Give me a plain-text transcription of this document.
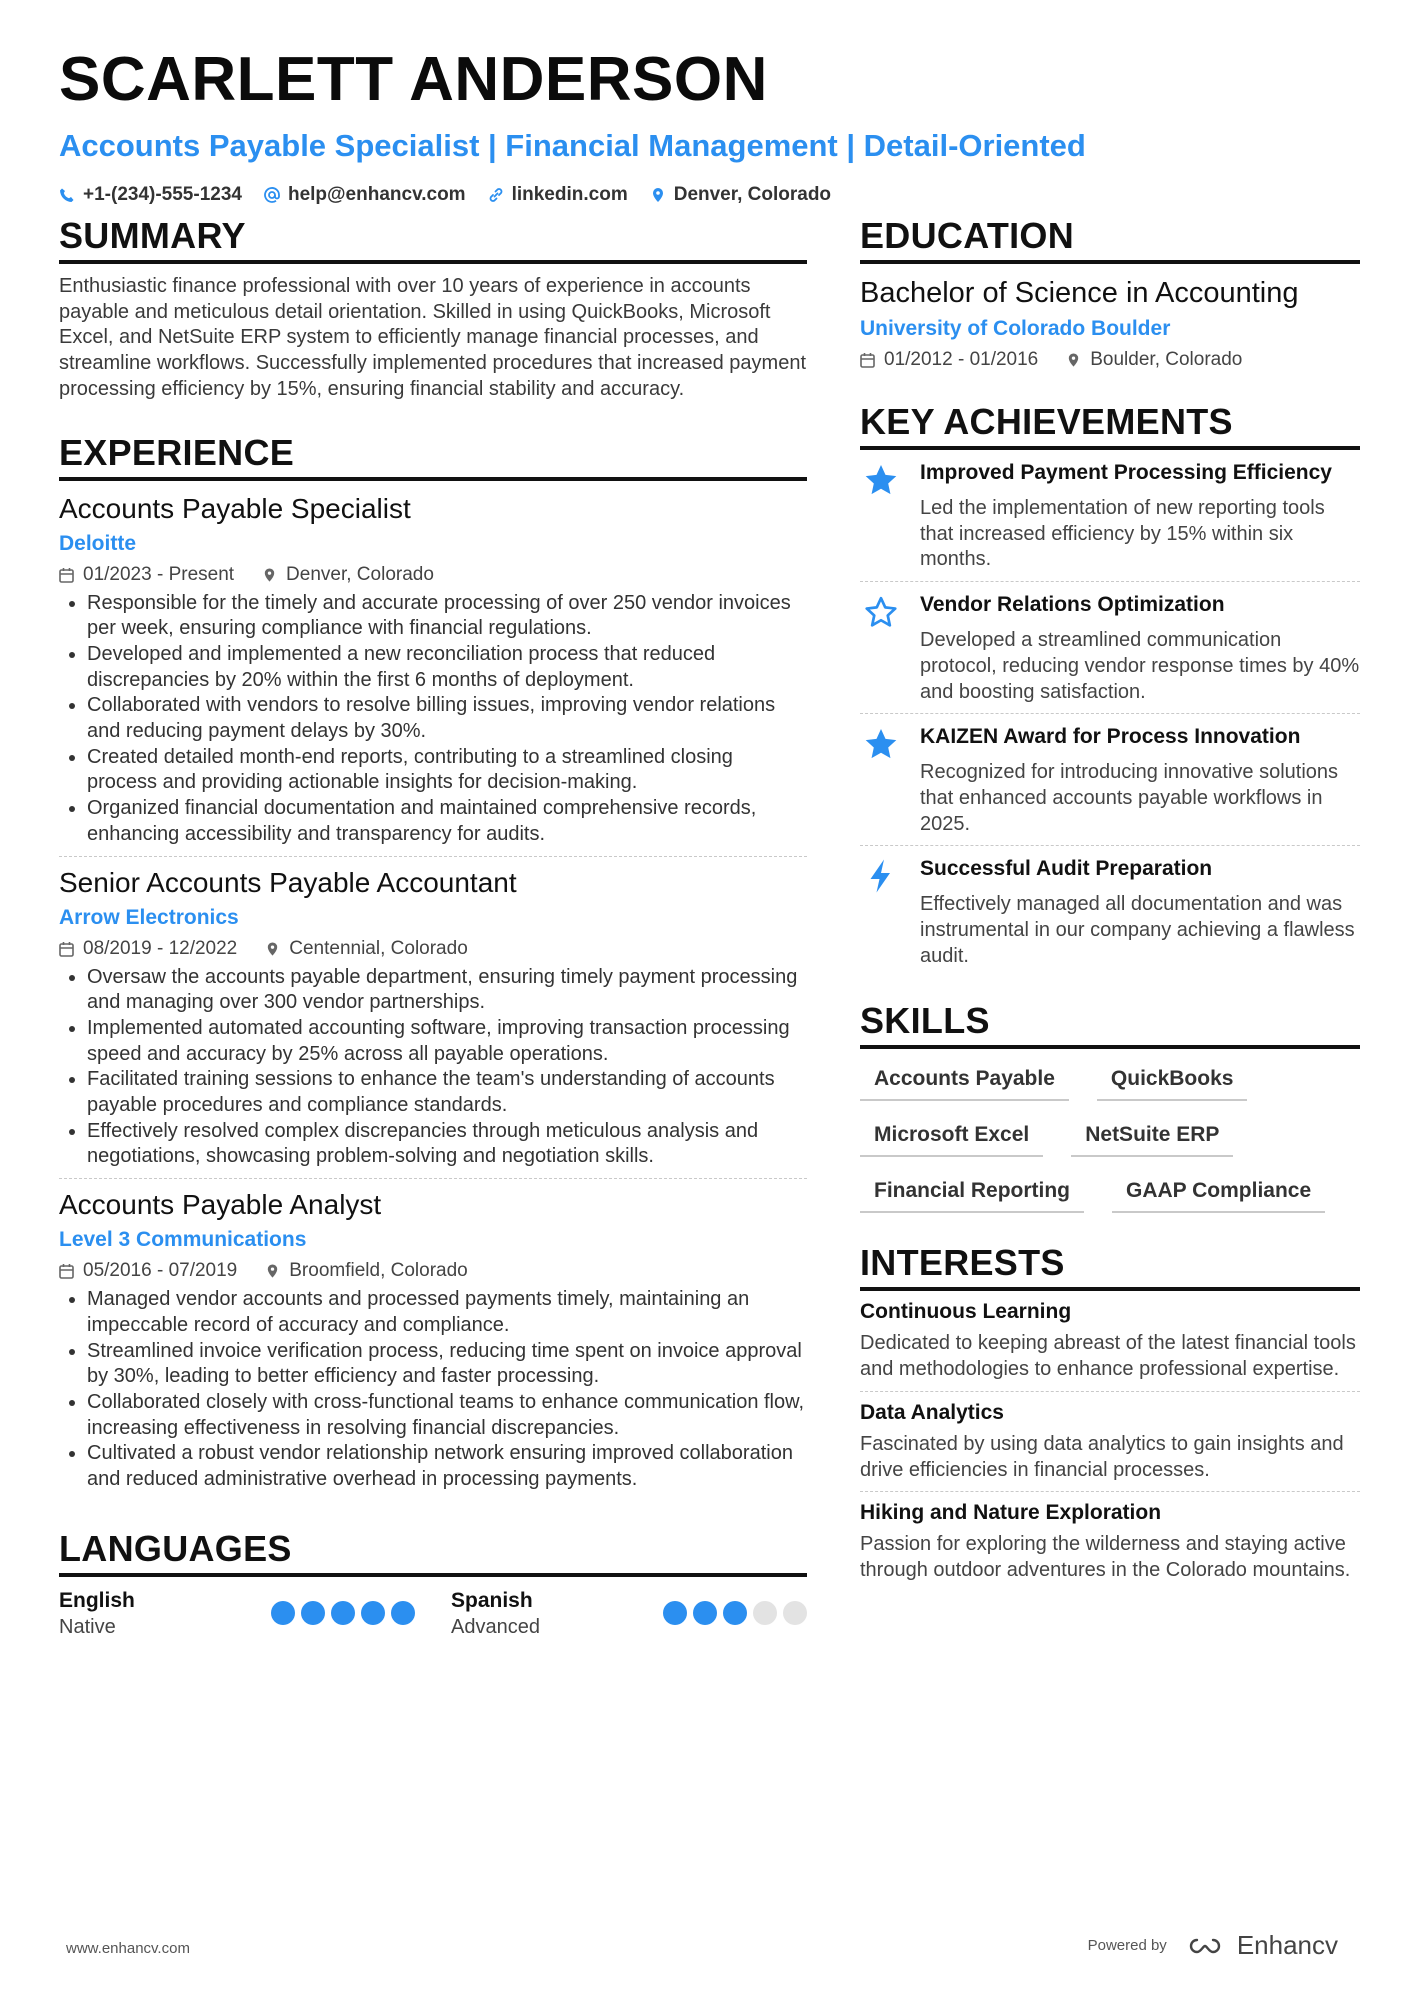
SCARLETT ANDERSON
Accounts Payable Specialist | Financial Management | Detail-Oriented
+1-(234)-555-1234 help@enhancv.com linkedin.com Denver, Colorado
SUMMARY
Enthusiastic finance professional with over 10 years of experience in accounts payable and meticulous detail orientation. Skilled in using QuickBooks, Microsoft Excel, and NetSuite ERP system to efficiently manage financial processes, and streamline workflows. Successfully implemented procedures that increased payment processing efficiency by 15%, ensuring financial stability and accuracy.
EXPERIENCE
Accounts Payable Specialist
Deloitte
01/2023 - Present	Denver, Colorado
• Responsible for the timely and accurate processing of over 250 vendor invoices per week, ensuring compliance with financial regulations.
• Developed and implemented a new reconciliation process that reduced discrepancies by 20% within the first 6 months of deployment.
• Collaborated with vendors to resolve billing issues, improving vendor relations and reducing payment delays by 30%.
• Created detailed month-end reports, contributing to a streamlined closing process and providing actionable insights for decision-making.
• Organized financial documentation and maintained comprehensive records, enhancing accessibility and transparency for audits.
Senior Accounts Payable Accountant
Arrow Electronics
08/2019 - 12/2022	Centennial, Colorado
• Oversaw the accounts payable department, ensuring timely payment processing and managing over 300 vendor partnerships.
• Implemented automated accounting software, improving transaction processing speed and accuracy by 25% across all payable operations.
• Facilitated training sessions to enhance the team's understanding of accounts payable procedures and compliance standards.
• Effectively resolved complex discrepancies through meticulous analysis and negotiations, showcasing problem-solving and negotiation skills.
Accounts Payable Analyst
Level 3 Communications
05/2016 - 07/2019	Broomfield, Colorado
• Managed vendor accounts and processed payments timely, maintaining an impeccable record of accuracy and compliance.
• Streamlined invoice verification process, reducing time spent on invoice approval by 30%, leading to better efficiency and faster processing.
• Collaborated closely with cross-functional teams to enhance communication flow, increasing effectiveness in resolving financial discrepancies.
• Cultivated a robust vendor relationship network ensuring improved collaboration and reduced administrative overhead in processing payments.
LANGUAGES
English
Native
Spanish
Advanced
EDUCATION
Bachelor of Science in Accounting
University of Colorado Boulder
01/2012 - 01/2016	Boulder, Colorado
KEY ACHIEVEMENTS
Improved Payment Processing Efficiency
Led the implementation of new reporting tools that increased efficiency by 15% within six months.
Vendor Relations Optimization
Developed a streamlined communication protocol, reducing vendor response times by 40% and boosting satisfaction.
KAIZEN Award for Process Innovation
Recognized for introducing innovative solutions that enhanced accounts payable workflows in 2025.
Successful Audit Preparation
Effectively managed all documentation and was instrumental in our company achieving a flawless audit.
SKILLS
Accounts Payable	QuickBooks
Microsoft Excel	NetSuite ERP
Financial Reporting	GAAP Compliance
INTERESTS
Continuous Learning
Dedicated to keeping abreast of the latest financial tools and methodologies to enhance professional expertise.
Data Analytics
Fascinated by using data analytics to gain insights and drive efficiencies in financial processes.
Hiking and Nature Exploration
Passion for exploring the wilderness and staying active through outdoor adventures in the Colorado mountains.
www.enhancv.com	Powered by	Enhancv
